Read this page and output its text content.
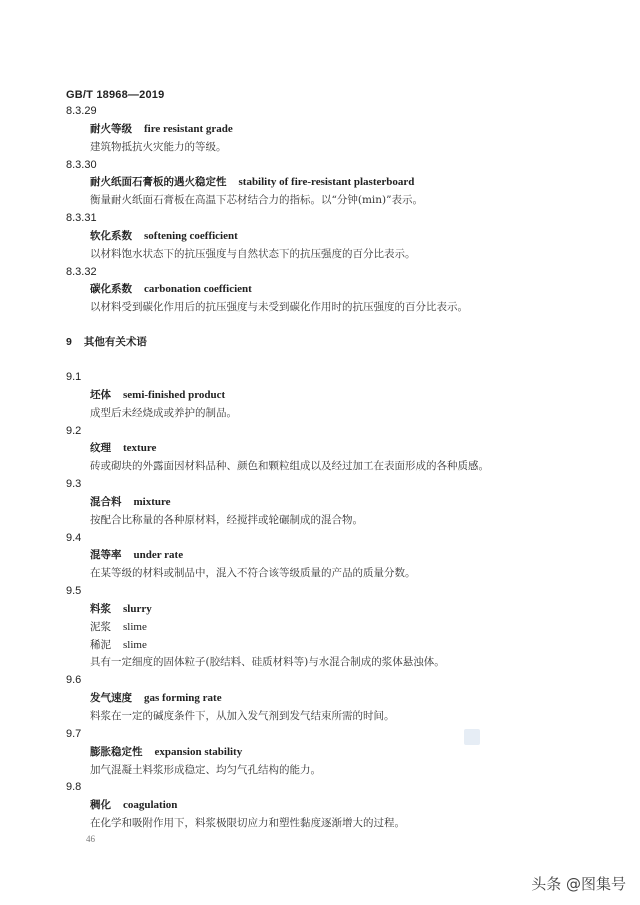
GB/T 18968—2019
8.3.29
耐火等级 fire resistant grade
建筑物抵抗火灾能力的等级。
8.3.30
耐火纸面石膏板的遇火稳定性 stability of fire-resistant plasterboard
衡量耐火纸面石膏板在高温下芯材结合力的指标。以“分钟(min)”表示。
8.3.31
软化系数 softening coefficient
以材料饱水状态下的抗压强度与自然状态下的抗压强度的百分比表示。
8.3.32
碳化系数 carbonation coefficient
以材料受到碳化作用后的抗压强度与未受到碳化作用时的抗压强度的百分比表示。
9 其他有关术语
9.1
坯体 semi-finished product
成型后未经烧成或养护的制品。
9.2
纹理 texture
砖或砌块的外露面因材料品种、颜色和颗粒组成以及经过加工在表面形成的各种质感。
9.3
混合料 mixture
按配合比称量的各种原材料，经搅拌或轮碾制成的混合物。
9.4
混等率 under rate
在某等级的材料或制品中，混入不符合该等级质量的产品的质量分数。
9.5
料浆 slurry
泥浆 slime
稀泥 slime
具有一定细度的固体粒子(胶结料、硅质材料等)与水混合制成的浆体悬浊体。
9.6
发气速度 gas forming rate
料浆在一定的碱度条件下，从加入发气剂到发气结束所需的时间。
9.7
膨胀稳定性 expansion stability
加气混凝土料浆形成稳定、均匀气孔结构的能力。
9.8
稠化 coagulation
在化学和吸附作用下，料浆极限切应力和塑性黏度逐渐增大的过程。
46
头条 @图集号
